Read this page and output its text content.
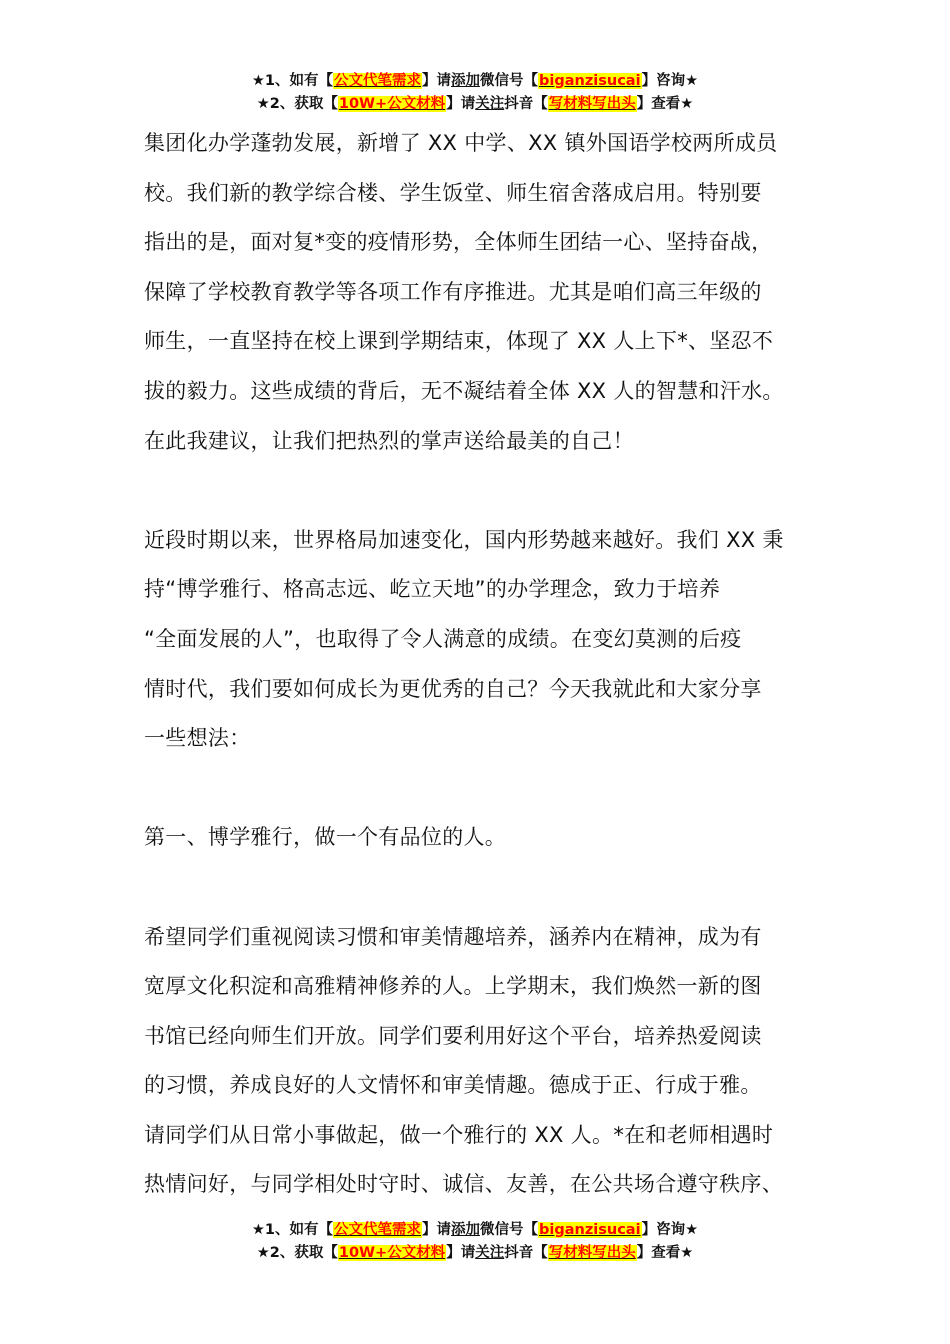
★1、如有【公文代笔需求】请添加微信号【biganzisucai】咨询★
★2、获取【10W+公文材料】请关注抖音【写材料写出头】查看★
集团化办学蓬勃发展，新增了 XX 中学、XX 镇外国语学校两所成员
校。我们新的教学综合楼、学生饭堂、师生宿舍落成启用。特别要
指出的是，面对复*变的疫情形势，全体师生团结一心、坚持奋战，
保障了学校教育教学等各项工作有序推进。尤其是咱们高三年级的
师生，一直坚持在校上课到学期结束，体现了 XX 人上下*、坚忍不
拔的毅力。这些成绩的背后，无不凝结着全体 XX 人的智慧和汗水。
在此我建议，让我们把热烈的掌声送给最美的自己！
近段时期以来，世界格局加速变化，国内形势越来越好。我们 XX 秉
持“博学雅行、格高志远、屹立天地”的办学理念，致力于培养
“全面发展的人”，也取得了令人满意的成绩。在变幻莫测的后疫
情时代，我们要如何成长为更优秀的自己？今天我就此和大家分享
一些想法：
第一、博学雅行，做一个有品位的人。
希望同学们重视阅读习惯和审美情趣培养，涵养内在精神，成为有
宽厚文化积淀和高雅精神修养的人。上学期末，我们焕然一新的图
书馆已经向师生们开放。同学们要利用好这个平台，培养热爱阅读
的习惯，养成良好的人文情怀和审美情趣。德成于正、行成于雅。
请同学们从日常小事做起，做一个雅行的 XX 人。*在和老师相遇时
热情问好，与同学相处时守时、诚信、友善，在公共场合遵守秩序、
★1、如有【公文代笔需求】请添加微信号【biganzisucai】咨询★
★2、获取【10W+公文材料】请关注抖音【写材料写出头】查看★
